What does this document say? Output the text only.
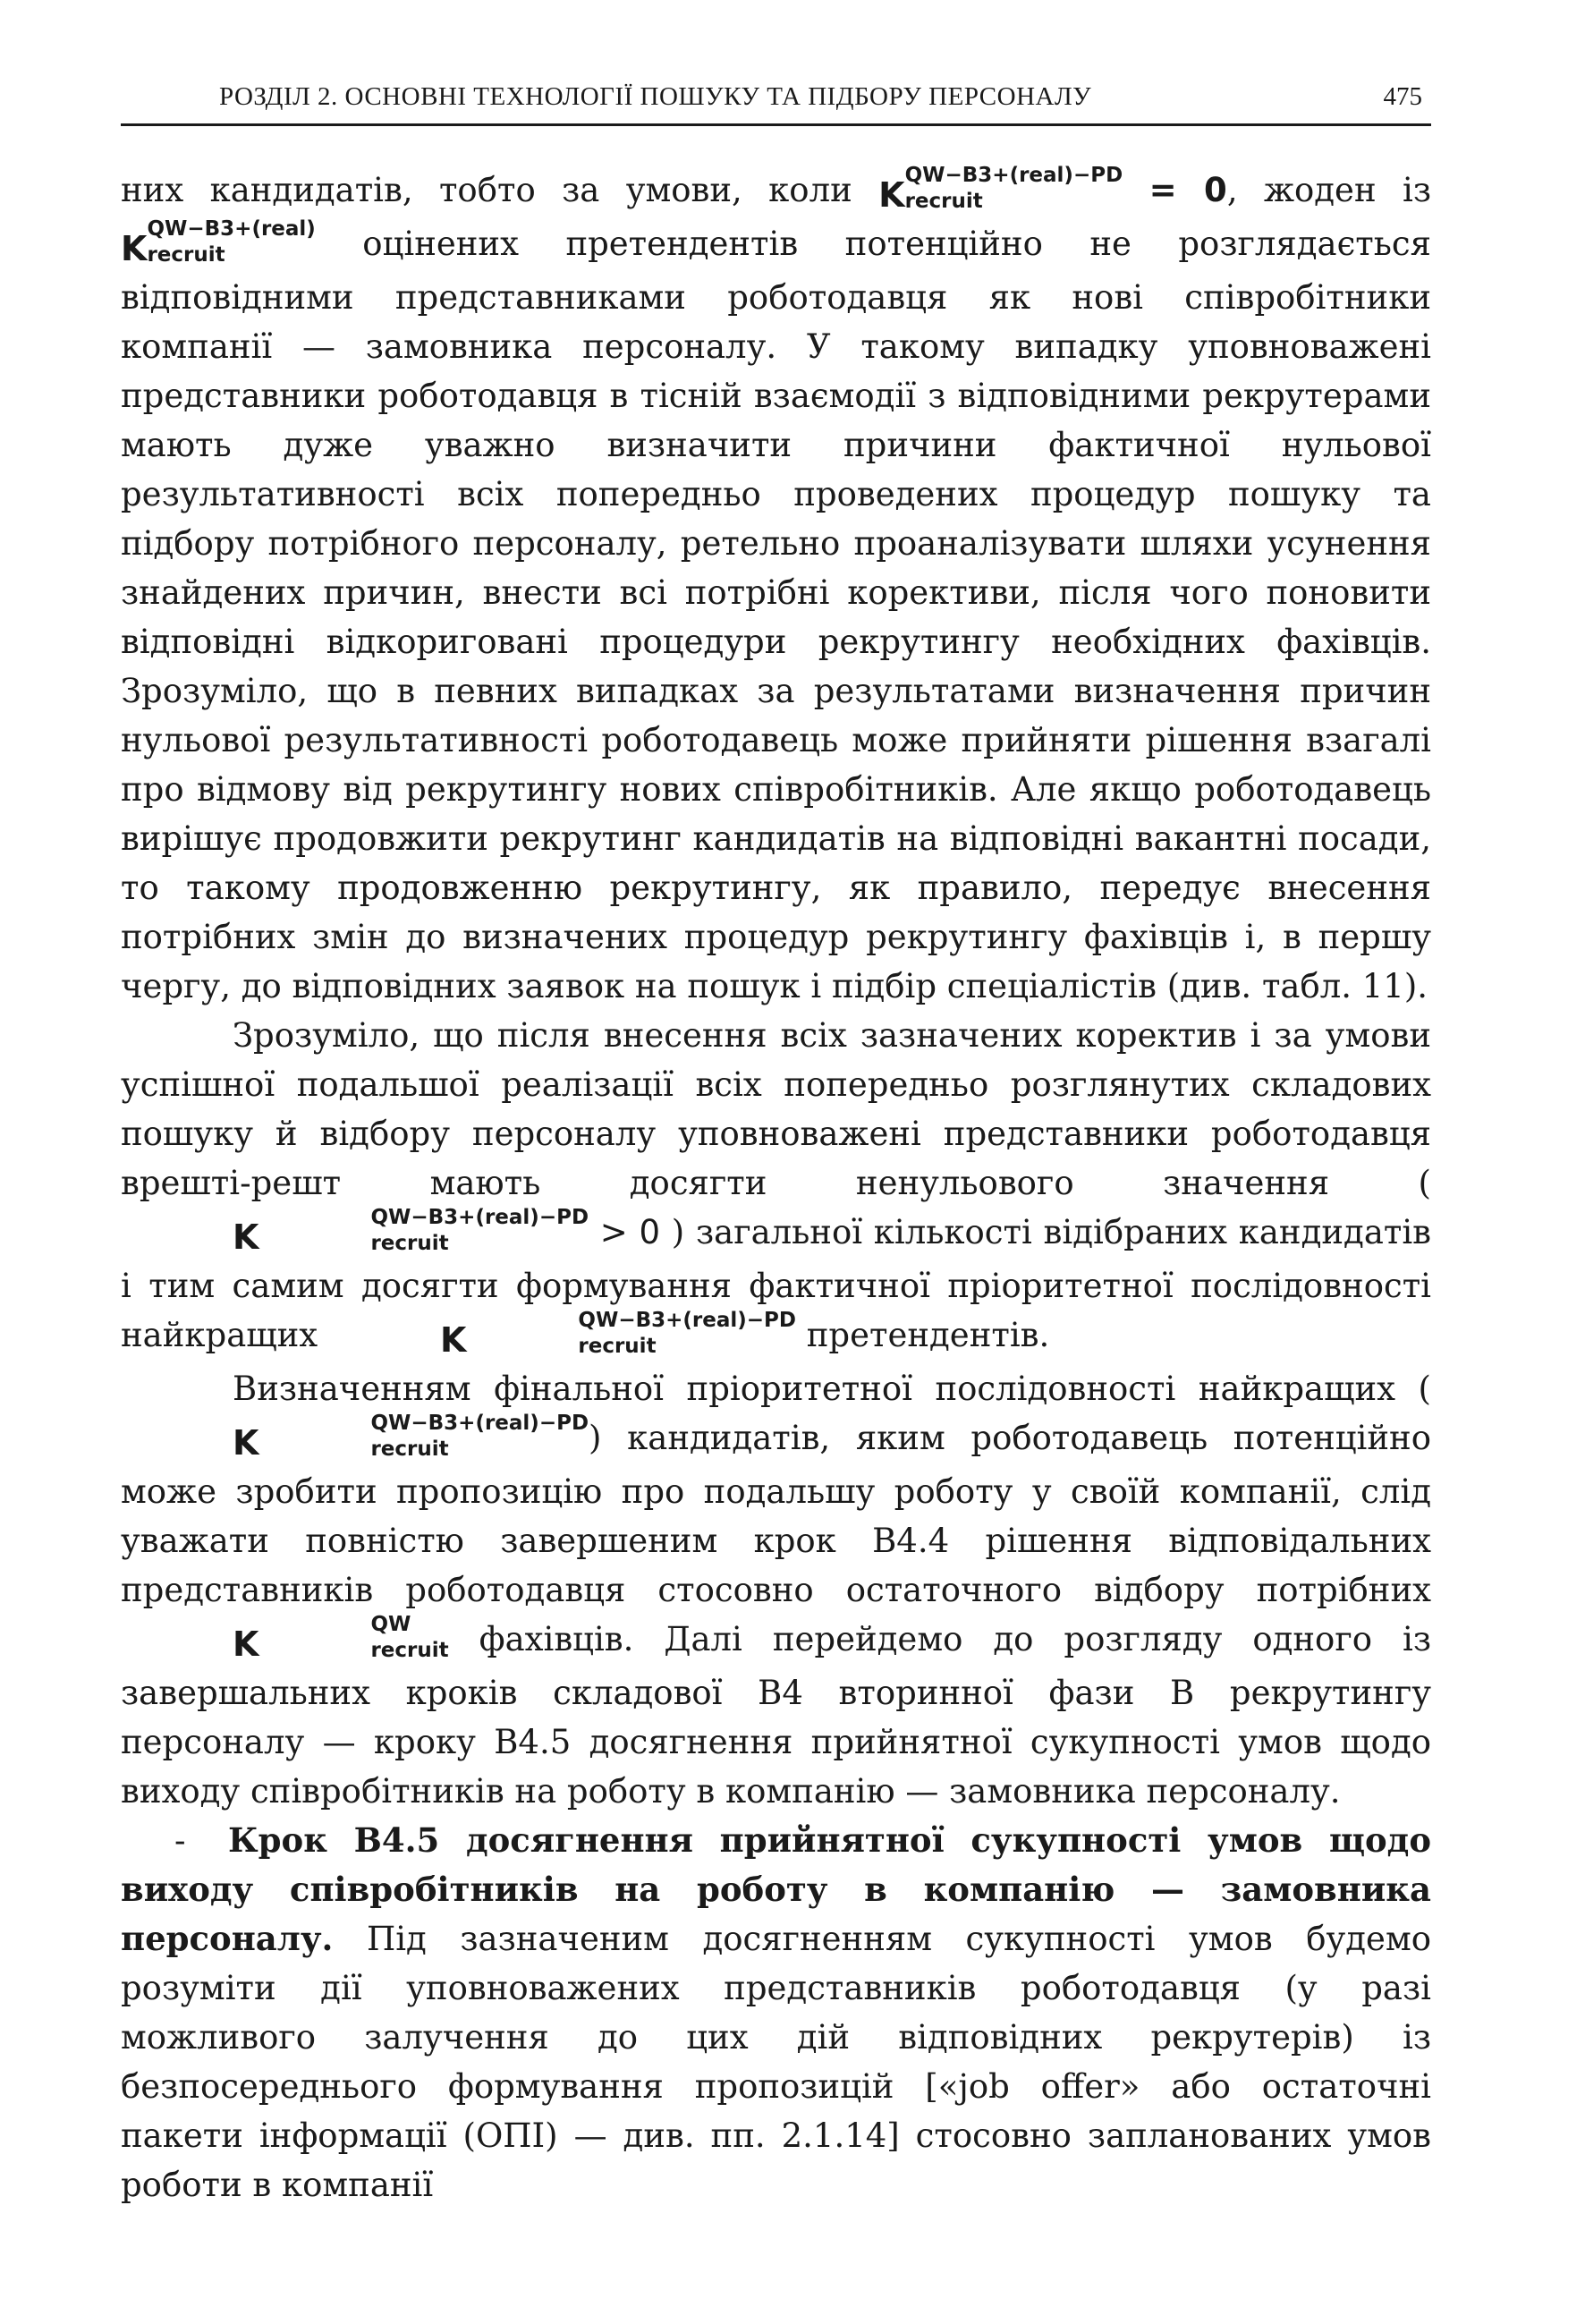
РОЗДІЛ 2. ОСНОВНІ ТЕХНОЛОГІЇ ПОШУКУ ТА ПІДБОРУ ПЕРСОНАЛУ	475

них кандидатів, тобто за умови, коли K QW−B3+(real)−PD
recruit	= 0, жоден із K QW−B3+(real)
recruit	оцінених претендентів потенційно не розглядається відповідними представниками роботодавця як нові співробітники компанії — замовника персоналу. У такому випадку уповноважені представники роботодавця в тісній взаємодії з відповідними рекрутерами мають дуже уважно визначити причини фактичної нульової результативності всіх попередньо проведених процедур пошуку та підбору потрібного персоналу, ретельно проаналізувати шляхи усунення знайдених причин, внести всі потрібні корективи, після чого поновити відповідні відкориговані процедури рекрутингу необхідних фахівців. Зрозуміло, що в певних випадках за результатами визначення причин нульової результативності роботодавець може прийняти рішення взагалі про відмову від рекрутингу нових співробітників. Але якщо роботодавець вирішує продовжити рекрутинг кандидатів на відповідні вакантні посади, то такому продовженню рекрутингу, як правило, передує внесення потрібних змін до визначених процедур рекрутингу фахівців і, в першу чергу, до відповідних заявок на пошук і підбір спеціалістів (див. табл. 11).

Зрозуміло, що після внесення всіх зазначених коректив і за умови успішної подальшої реалізації всіх попередньо розглянутих складових пошуку й відбору персоналу уповноважені представники роботодавця врешті-решт мають досягти ненульового значення (K	QW−B3+(real)−PD
recruit	> 0 ) загальної кількості відібраних кандидатів і тим самим досягти формування фактичної пріоритетної послідовності найкращих	K	QW−B3+(real)−PD
recruit	претендентів.

Визначенням фінальної пріоритетної послідовності найкращих (K	QW−B3+(real)−PD
recruit	) кандидатів, яким роботодавець потенційно може зробити пропозицію про подальшу роботу у своїй компанії, слід уважати повністю завершеним крок В4.4 рішення відповідальних представників роботодавця стосовно остаточного відбору потрібних K	QW
recruit фахівців. Далі перейдемо до розгляду одного із завершальних кроків складової В4 вторинної фази В рекрутингу персоналу — кроку В4.5 досягнення прийнятної сукупності умов щодо виходу співробітників на роботу в компанію — замовника персоналу.

- Крок В4.5 досягнення прийнятної сукупності умов щодо виходу співробітників на роботу в компанію — замовника персоналу. Під зазначеним досягненням сукупності умов будемо розуміти дії уповноважених представників роботодавця (у разі можливого залучення до цих дій відповідних рекрутерів) із безпосереднього формування пропозицій [«job offer» або остаточні пакети інформації (ОПІ) — див. пп. 2.1.14] стосовно запланованих умов роботи в компанії
